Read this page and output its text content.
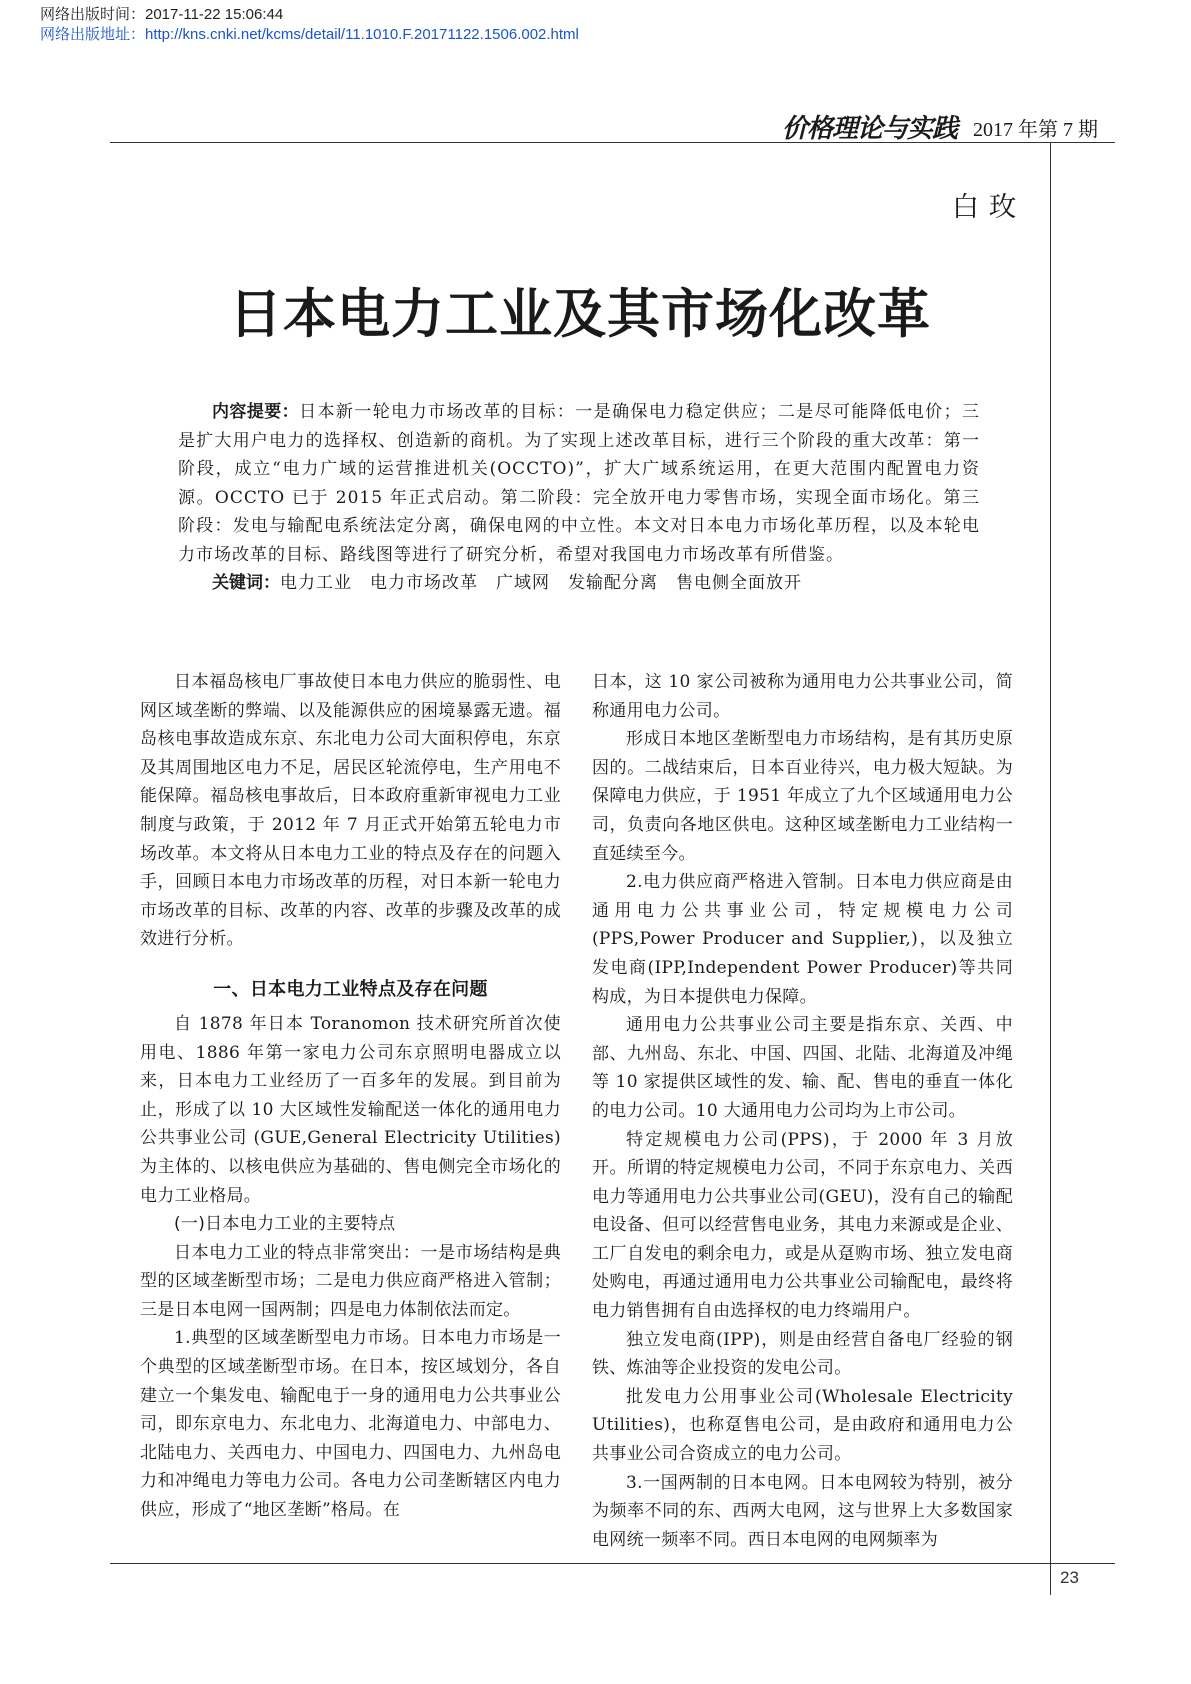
网络出版时间：2017-11-22 15:06:44
网络出版地址：http://kns.cnki.net/kcms/detail/11.1010.F.20171122.1506.002.html
价格理论与实践 2017 年第 7 期
白玫
日本电力工业及其市场化改革

内容提要：日本新一轮电力市场改革的目标：一是确保电力稳定供应；二是尽可能降低电价；三是扩大用户电力的选择权、创造新的商机。为了实现上述改革目标，进行三个阶段的重大改革：第一阶段，成立“电力广域的运营推进机关(OCCTO)”，扩大广域系统运用，在更大范围内配置电力资源。OCCTO 已于 2015 年正式启动。第二阶段：完全放开电力零售市场，实现全面市场化。第三阶段：发电与输配电系统法定分离，确保电网的中立性。本文对日本电力市场化革历程，以及本轮电力市场改革的目标、路线图等进行了研究分析，希望对我国电力市场改革有所借鉴。

关键词：电力工业　电力市场改革　广域网　发输配分离　售电侧全面放开

日本福岛核电厂事故使日本电力供应的脆弱性、电网区域垄断的弊端、以及能源供应的困境暴露无遗。福岛核电事故造成东京、东北电力公司大面积停电，东京及其周围地区电力不足，居民区轮流停电，生产用电不能保障。福岛核电事故后，日本政府重新审视电力工业制度与政策，于 2012 年 7 月正式开始第五轮电力市场改革。本文将从日本电力工业的特点及存在的问题入手，回顾日本电力市场改革的历程，对日本新一轮电力市场改革的目标、改革的内容、改革的步骤及改革的成效进行分析。

一、日本电力工业特点及存在问题

自 1878 年日本 Toranomon 技术研究所首次使用电、1886 年第一家电力公司东京照明电器成立以来，日本电力工业经历了一百多年的发展。到目前为止，形成了以 10 大区域性发输配送一体化的通用电力公共事业公司 (GUE,General Electricity Utilities)为主体的、以核电供应为基础的、售电侧完全市场化的电力工业格局。

(一)日本电力工业的主要特点

日本电力工业的特点非常突出：一是市场结构是典型的区域垄断型市场；二是电力供应商严格进入管制；三是日本电网一国两制；四是电力体制依法而定。

1.典型的区域垄断型电力市场。日本电力市场是一个典型的区域垄断型市场。在日本，按区域划分，各自建立一个集发电、输配电于一身的通用电力公共事业公司，即东京电力、东北电力、北海道电力、中部电力、北陆电力、关西电力、中国电力、四国电力、九州岛电力和冲绳电力等电力公司。各电力公司垄断辖区内电力供应，形成了“地区垄断”格局。在

日本，这 10 家公司被称为通用电力公共事业公司，简称通用电力公司。

形成日本地区垄断型电力市场结构，是有其历史原因的。二战结束后，日本百业待兴，电力极大短缺。为保障电力供应，于 1951 年成立了九个区域通用电力公司，负责向各地区供电。这种区域垄断电力工业结构一直延续至今。

2.电力供应商严格进入管制。日本电力供应商是由通用电力公共事业公司，特定规模电力公司(PPS,Power Producer and Supplier,)，以及独立发电商(IPP,Independent Power Producer)等共同构成，为日本提供电力保障。

通用电力公共事业公司主要是指东京、关西、中部、九州岛、东北、中国、四国、北陆、北海道及冲绳等 10 家提供区域性的发、输、配、售电的垂直一体化的电力公司。10 大通用电力公司均为上市公司。

特定规模电力公司(PPS)，于 2000 年 3 月放开。所谓的特定规模电力公司，不同于东京电力、关西电力等通用电力公共事业公司(GEU)，没有自己的输配电设备、但可以经营售电业务，其电力来源或是企业、工厂自发电的剩余电力，或是从趸购市场、独立发电商处购电，再通过通用电力公共事业公司输配电，最终将电力销售拥有自由选择权的电力终端用户。

独立发电商(IPP)，则是由经营自备电厂经验的钢铁、炼油等企业投资的发电公司。

批发电力公用事业公司(Wholesale Electricity Utilities)，也称趸售电公司，是由政府和通用电力公共事业公司合资成立的电力公司。

3.一国两制的日本电网。日本电网较为特别，被分为频率不同的东、西两大电网，这与世界上大多数国家电网统一频率不同。西日本电网的电网频率为

23
